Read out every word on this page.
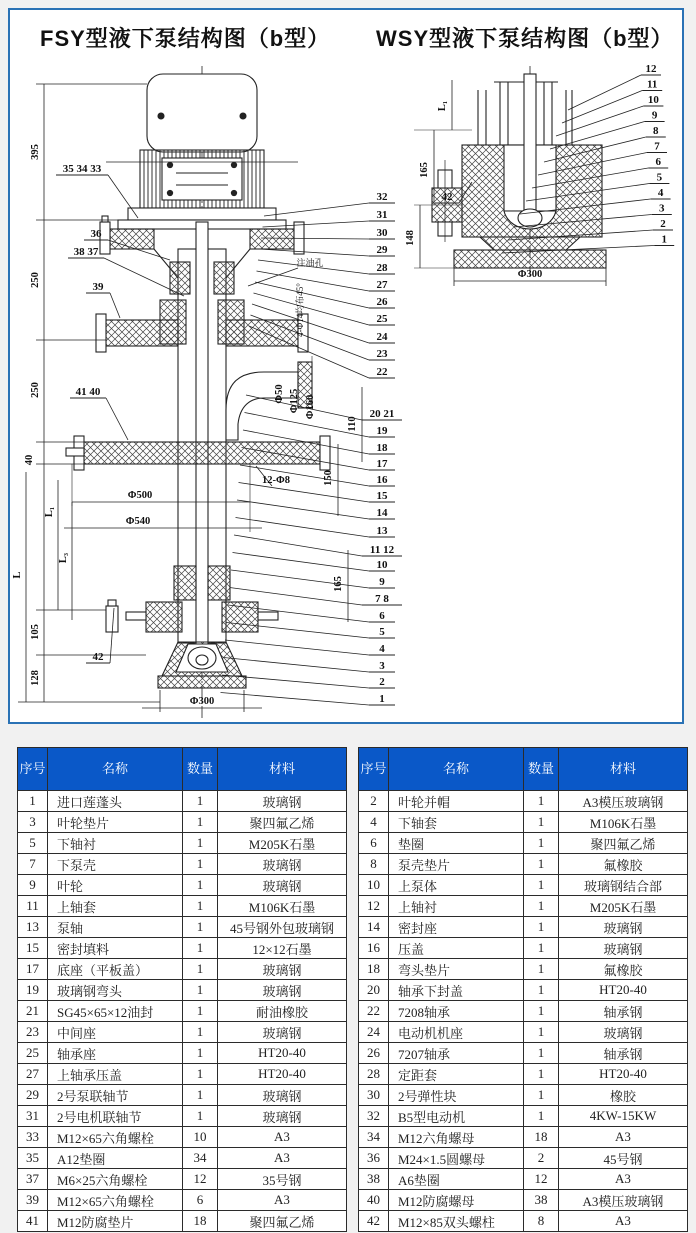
FSY型液下泵结构图（b型） WSY型液下泵结构图（b型）
32
31
30
29
28
27
26
25
24
23
22
20 21
19
18
17
16
15
14
13
11 12
10
9
7 8
6
5
4
3
2
1
35 34 33
36
38 37
39
41 40
42
395
250
250
40
105
128
L
L₁
L₃
Φ500
Φ540
Φ300
Φ50 Φ125 Φ160
110
150
165
12-Φ8
注油孔
4-Φ14均布45°
12
11
10
9
8
7
6
5
4
3
2
1
42
L₁
165
148
Φ300
序号	名称	数量	材料
1	进口莲蓬头	1	玻璃钢
3	叶轮垫片	1	聚四氟乙烯
5	下轴衬	1	M205K石墨
7	下泵壳	1	玻璃钢
9	叶轮	1	玻璃钢
11	上轴套	1	M106K石墨
13	泵轴	1	45号钢外包玻璃钢
15	密封填料	1	12×12石墨
17	底座（平板盖）	1	玻璃钢
19	玻璃钢弯头	1	玻璃钢
21	SG45×65×12油封	1	耐油橡胶
23	中间座	1	玻璃钢
25	轴承座	1	HT20-40
27	上轴承压盖	1	HT20-40
29	2号泵联轴节	1	玻璃钢
31	2号电机联轴节	1	玻璃钢
33	M12×65六角螺栓	10	A3
35	A12垫圈	34	A3
37	M6×25六角螺栓	12	35号钢
39	M12×65六角螺栓	6	A3
41	M12防腐垫片	18	聚四氟乙烯
序号	名称	数量	材料
2	叶轮并帽	1	A3模压玻璃钢
4	下轴套	1	M106K石墨
6	垫圈	1	聚四氟乙烯
8	泵壳垫片	1	氟橡胶
10	上泵体	1	玻璃钢结合部
12	上轴衬	1	M205K石墨
14	密封座	1	玻璃钢
16	压盖	1	玻璃钢
18	弯头垫片	1	氟橡胶
20	轴承下封盖	1	HT20-40
22	7208轴承	1	轴承钢
24	电动机机座	1	玻璃钢
26	7207轴承	1	轴承钢
28	定距套	1	HT20-40
30	2号弹性块	1	橡胶
32	B5型电动机	1	4KW-15KW
34	M12六角螺母	18	A3
36	M24×1.5圆螺母	2	45号钢
38	A6垫圈	12	A3
40	M12防腐螺母	38	A3模压玻璃钢
42	M12×85双头螺柱	8	A3
